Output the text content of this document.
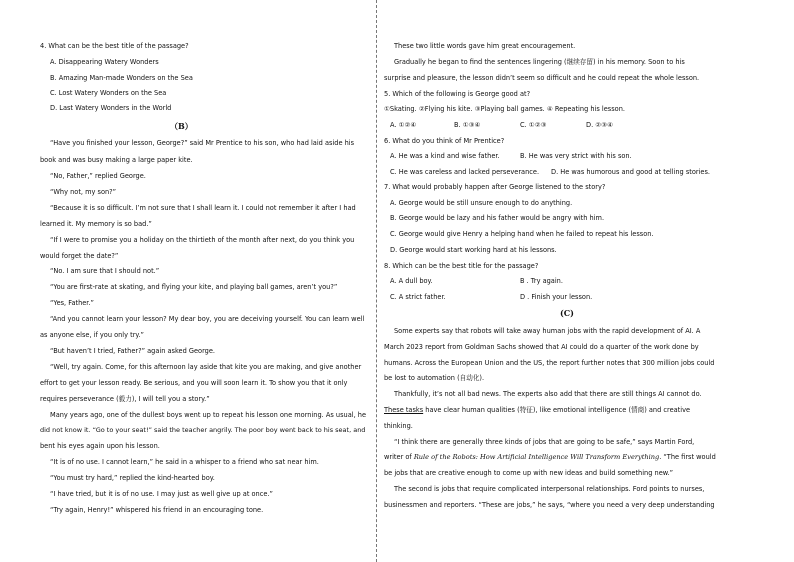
4. What can be the best title of the passage?
A. Disappearing Watery Wonders
B. Amazing Man-made Wonders on the Sea
C. Lost Watery Wonders on the Sea
D. Last Watery Wonders in the World
（B）
“Have you finished your lesson, George?” said Mr Prentice to his son, who had laid aside his
book and was busy making a large paper kite.
“No, Father,” replied George.
“Why not, my son?”
“Because it is so difficult. I’m not sure that I shall learn it. I could not remember it after I had
learned it. My memory is so bad.”
“If I were to promise you a holiday on the thirtieth of the month after next, do you think you
would forget the date?”
“No. I am sure that I should not.”
“You are first-rate at skating, and flying your kite, and playing ball games, aren’t you?”
“Yes, Father.”
“And you cannot learn your lesson? My dear boy, you are deceiving yourself. You can learn well
as anyone else, if you only try.”
“But haven’t I tried, Father?” again asked George.
“Well, try again. Come, for this afternoon lay aside that kite you are making, and give another
effort to get your lesson ready. Be serious, and you will soon learn it. To show you that it only
requires perseverance (毅力), I will tell you a story.”
Many years ago, one of the dullest boys went up to repeat his lesson one morning. As usual, he
did not know it. “Go to your seat!” said the teacher angrily. The poor boy went back to his seat, and
bent his eyes again upon his lesson.
“It is of no use. I cannot learn,” he said in a whisper to a friend who sat near him.
“You must try hard,” replied the kind-hearted boy.
“I have tried, but it is of no use. I may just as well give up at once.”
“Try again, Henry!” whispered his friend in an encouraging tone.
These two little words gave him great encouragement.
Gradually he began to find the sentences lingering (继续存留) in his memory. Soon to his
surprise and pleasure, the lesson didn’t seem so difficult and he could repeat the whole lesson.
5. Which of the following is George good at?
①Skating. ②Flying his kite. ③Playing ball games. ④ Repeating his lesson.
A. ①②④	B. ①③④	C. ①②③	D. ②③④
6. What do you think of Mr Prentice?
A. He was a kind and wise father.	B. He was very strict with his son.
C. He was careless and lacked perseverance. D. He was humorous and good at telling stories.
7. What would probably happen after George listened to the story?
A. George would be still unsure enough to do anything.
B. George would be lazy and his father would be angry with him.
C. George would give Henry a helping hand when he failed to repeat his lesson.
D. George would start working hard at his lessons.
8. Which can be the best title for the passage?
A. A dull boy.	B . Try again.
C. A strict father.	D . Finish your lesson.
(C)
Some experts say that robots will take away human jobs with the rapid development of AI. A
March 2023 report from Goldman Sachs showed that AI could do a quarter of the work done by
humans. Across the European Union and the US, the report further notes that 300 million jobs could
be lost to automation (自动化).
Thankfully, it’s not all bad news. The experts also add that there are still things AI cannot do.
These tasks have clear human qualities (特征), like emotional intelligence (情商) and creative
thinking.
“I think there are generally three kinds of jobs that are going to be safe,” says Martin Ford,
writer of Rule of the Robots: How Artificial Intelligence Will Transform Everything. “The first would
be jobs that are creative enough to come up with new ideas and build something new.”
The second is jobs that require complicated interpersonal relationships. Ford points to nurses,
businessmen and reporters. “These are jobs,” he says, “where you need a very deep understanding
